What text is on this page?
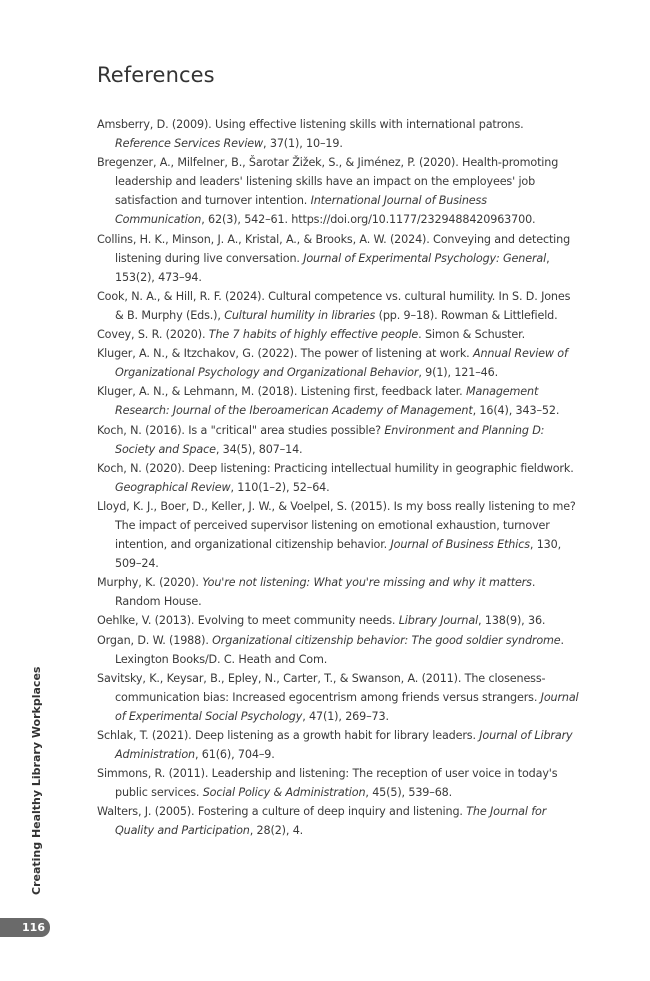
References
Amsberry, D. (2009). Using effective listening skills with international patrons. Reference Services Review, 37(1), 10–19.
Bregenzer, A., Milfelner, B., Šarotar Žižek, S., & Jiménez, P. (2020). Health-promoting leadership and leaders' listening skills have an impact on the employees' job satisfaction and turnover intention. International Journal of Business Communication, 62(3), 542–61. https://doi.org/10.1177/2329488420963700.
Collins, H. K., Minson, J. A., Kristal, A., & Brooks, A. W. (2024). Conveying and detecting listening during live conversation. Journal of Experimental Psychology: General, 153(2), 473–94.
Cook, N. A., & Hill, R. F. (2024). Cultural competence vs. cultural humility. In S. D. Jones & B. Murphy (Eds.), Cultural humility in libraries (pp. 9–18). Rowman & Littlefield.
Covey, S. R. (2020). The 7 habits of highly effective people. Simon & Schuster.
Kluger, A. N., & Itzchakov, G. (2022). The power of listening at work. Annual Review of Organizational Psychology and Organizational Behavior, 9(1), 121–46.
Kluger, A. N., & Lehmann, M. (2018). Listening first, feedback later. Management Research: Journal of the Iberoamerican Academy of Management, 16(4), 343–52.
Koch, N. (2016). Is a "critical" area studies possible? Environment and Planning D: Society and Space, 34(5), 807–14.
Koch, N. (2020). Deep listening: Practicing intellectual humility in geographic fieldwork. Geographical Review, 110(1–2), 52–64.
Lloyd, K. J., Boer, D., Keller, J. W., & Voelpel, S. (2015). Is my boss really listening to me? The impact of perceived supervisor listening on emotional exhaustion, turnover intention, and organizational citizenship behavior. Journal of Business Ethics, 130, 509–24.
Murphy, K. (2020). You're not listening: What you're missing and why it matters. Random House.
Oehlke, V. (2013). Evolving to meet community needs. Library Journal, 138(9), 36.
Organ, D. W. (1988). Organizational citizenship behavior: The good soldier syndrome. Lexington Books/D. C. Heath and Com.
Savitsky, K., Keysar, B., Epley, N., Carter, T., & Swanson, A. (2011). The closeness-communication bias: Increased egocentrism among friends versus strangers. Journal of Experimental Social Psychology, 47(1), 269–73.
Schlak, T. (2021). Deep listening as a growth habit for library leaders. Journal of Library Administration, 61(6), 704–9.
Simmons, R. (2011). Leadership and listening: The reception of user voice in today's public services. Social Policy & Administration, 45(5), 539–68.
Walters, J. (2005). Fostering a culture of deep inquiry and listening. The Journal for Quality and Participation, 28(2), 4.
Creating Healthy Library Workplaces
116
